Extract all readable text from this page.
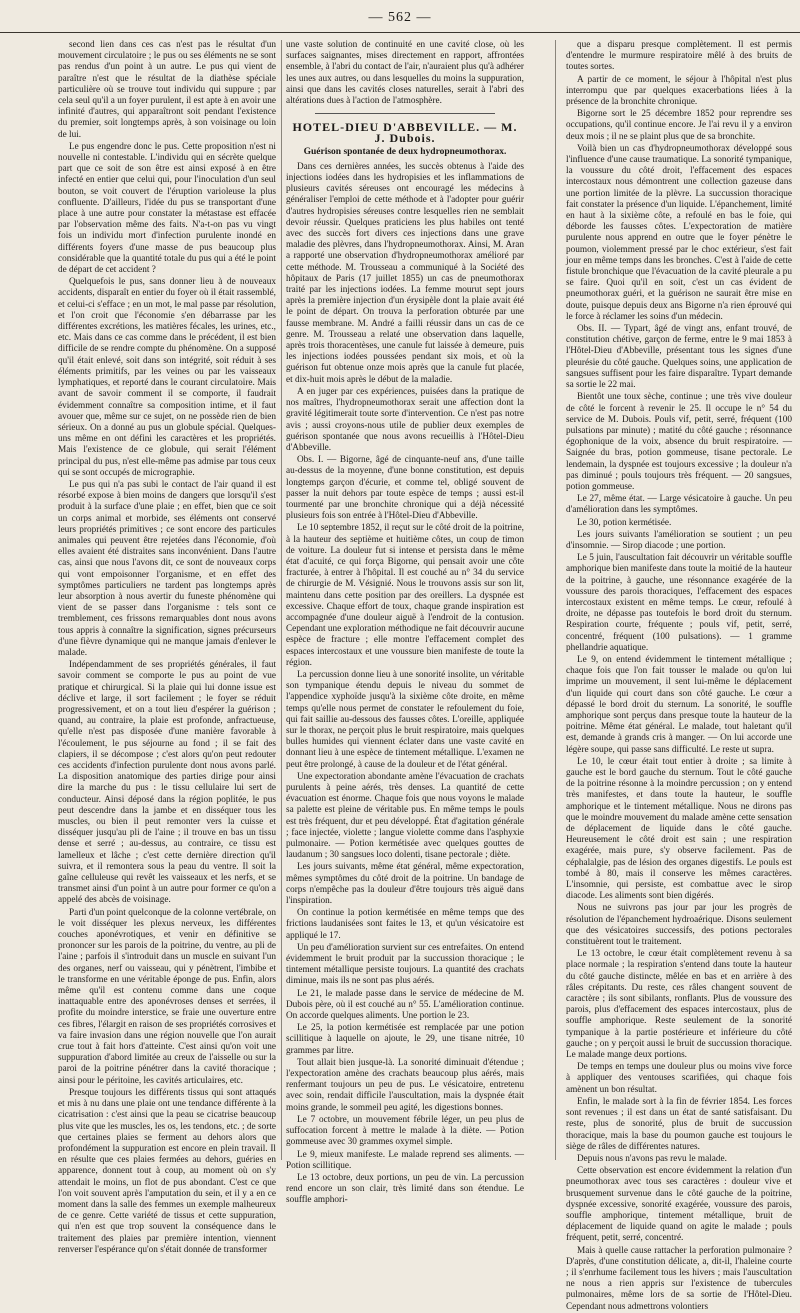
— 562 —

second lien dans ces cas n'est pas le résultat d'un mouvement circulatoire ; le pus ou ses éléments ne se sont pas rendus d'un point à un autre. Le pus qui vient de paraître n'est que le résultat de la diathèse spéciale particulière où se trouve tout individu qui suppure ; par cela seul qu'il a un foyer purulent, il est apte à en avoir une infinité d'autres, qui apparaîtront soit pendant l'existence du premier, soit longtemps après, à son voisinage ou loin de lui.

Le pus engendre donc le pus. Cette proposition n'est ni nouvelle ni contestable. L'individu qui en sécrète quelque part que ce soit de son être est ainsi exposé à en être infecté en entier que celui qui, pour l'inoculation d'un seul bouton, se voit couvert de l'éruption varioleuse la plus confluente. D'ailleurs, l'idée du pus se transportant d'une place à une autre pour constater la métastase est effacée par l'observation même des faits. N'a-t-on pas vu vingt fois un individu mort d'infection purulente inondé en différents foyers d'une masse de pus beaucoup plus considérable que la quantité totale du pus qui a été le point de départ de cet accident ?

Quelquefois le pus, sans donner lieu à de nouveaux accidents, disparaît en entier du foyer où il était rassemblé, et celui-ci s'efface ; en un mot, le mal passe par résolution, et l'on croit que l'économie s'en débarrasse par les différentes excrétions, les matières fécales, les urines, etc., etc. Mais dans ce cas comme dans le précédent, il est bien difficile de se rendre compte du phénomène. On a supposé qu'il était enlevé, soit dans son intégrité, soit réduit à ses éléments primitifs, par les veines ou par les vaisseaux lymphatiques, et reporté dans le courant circulatoire. Mais avant de savoir comment il se comporte, il faudrait évidemment connaître sa composition intime, et il faut avouer que, même sur ce sujet, on ne possède rien de bien sérieux. On a donné au pus un globule spécial. Quelques-uns même en ont défini les caractères et les propriétés. Mais l'existence de ce globule, qui serait l'élément principal du pus, n'est elle-même pas admise par tous ceux qui se sont occupés de micrographie.

Le pus qui n'a pas subi le contact de l'air quand il est résorbé expose à bien moins de dangers que lorsqu'il s'est produit à la surface d'une plaie ; en effet, bien que ce soit un corps animal et morbide, ses éléments ont conservé leurs propriétés primitives ; ce sont encore des particules animales qui peuvent être rejetées dans l'économie, d'où elles avaient été distraites sans inconvénient. Dans l'autre cas, ainsi que nous l'avons dit, ce sont de nouveaux corps qui vont empoisonner l'organisme, et en effet des symptômes particuliers ne tardent pas longtemps après leur absorption à nous avertir du funeste phénomène qui vient de se passer dans l'organisme : tels sont ce tremblement, ces frissons remarquables dont nous avons tous appris à connaître la signification, signes précurseurs d'une fièvre dynamique qui ne manque jamais d'enlever le malade.

Indépendamment de ses propriétés générales, il faut savoir comment se comporte le pus au point de vue pratique et chirurgical. Si la plaie qui lui donne issue est déclive et large, il sort facilement ; le foyer se réduit progressivement, et on a tout lieu d'espérer la guérison ; quand, au contraire, la plaie est profonde, anfractueuse, qu'elle n'est pas disposée d'une manière favorable à l'écoulement, le pus séjourne au fond ; il se fait des clapiers, il se décompose ; c'est alors qu'on peut redouter ces accidents d'infection purulente dont nous avons parlé. La disposition anatomique des parties dirige pour ainsi dire la marche du pus : le tissu cellulaire lui sert de conducteur. Ainsi déposé dans la région poplitée, le pus peut descendre dans la jambe et en disséquer tous les muscles, ou bien il peut remonter vers la cuisse et disséquer jusqu'au pli de l'aine ; il trouve en bas un tissu dense et serré ; au-dessus, au contraire, ce tissu est lamelleux et lâche ; c'est cette dernière direction qu'il suivra, et il remontera sous la peau du ventre. Il soit la gaîne celluleuse qui revêt les vaisseaux et les nerfs, et se transmet ainsi d'un point à un autre pour former ce qu'on a appelé des abcès de voisinage.

Parti d'un point quelconque de la colonne vertébrale, on le voit disséquer les plexus nerveux, les différentes couches aponévrotiques, et venir en définitive se prononcer sur les parois de la poitrine, du ventre, au pli de l'aine ; parfois il s'introduit dans un muscle en suivant l'un des organes, nerf ou vaisseau, qui y pénètrent, l'imbibe et le transforme en une véritable éponge de pus. Enfin, alors même qu'il est contenu comme dans une coque inattaquable entre des aponévroses denses et serrées, il profite du moindre interstice, se fraie une ouverture entre ces fibres, l'élargit en raison de ses propriétés corrosives et va faire invasion dans une région nouvelle que l'on aurait crue tout à fait hors d'atteinte. C'est ainsi qu'on voit une suppuration d'abord limitée au creux de l'aisselle ou sur la paroi de la poitrine pénétrer dans la cavité thoracique ; ainsi pour le péritoine, les cavités articulaires, etc.

Presque toujours les différents tissus qui sont attaqués et mis à nu dans une plaie ont une tendance différente à la cicatrisation : c'est ainsi que la peau se cicatrise beaucoup plus vite que les muscles, les os, les tendons, etc. ; de sorte que certaines plaies se ferment au dehors alors que profondément la suppuration est encore en plein travail. Il en résulte que ces plaies fermées au dehors, guéries en apparence, donnent tout à coup, au moment où on s'y attendait le moins, un flot de pus abondant. C'est ce que l'on voit souvent après l'amputation du sein, et il y a en ce moment dans la salle des femmes un exemple malheureux de ce genre. Cette variété de tissus et cette suppuration, qui n'en est que trop souvent la conséquence dans le traitement des plaies par première intention, viennent renverser l'espérance qu'on s'était donnée de transformer

une vaste solution de continuité en une cavité close, où les surfaces saignantes, mises directement en rapport, affrontées ensemble, à l'abri du contact de l'air, n'auraient plus qu'à adhérer les unes aux autres, ou dans lesquelles du moins la suppuration, ainsi que dans les cavités closes naturelles, serait à l'abri des altérations dues à l'action de l'atmosphère.

HOTEL-DIEU D'ABBEVILLE. — M. J. Dubois.
Guérison spontanée de deux hydropneumothorax.

Dans ces dernières années, les succès obtenus à l'aide des injections iodées dans les hydropisies et les inflammations de plusieurs cavités séreuses ont encouragé les médecins à généraliser l'emploi de cette méthode et à l'adopter pour guérir d'autres hydropisies séreuses contre lesquelles rien ne semblait devoir réussir. Quelques praticiens les plus habiles ont tenté avec des succès fort divers ces injections dans une grave maladie des plèvres, dans l'hydropneumothorax. Ainsi, M. Aran a rapporté une observation d'hydropneumothorax amélioré par cette méthode. M. Trousseau a communiqué à la Société des hôpitaux de Paris (17 juillet 1855) un cas de pneumothorax traité par les injections iodées. La femme mourut sept jours après la première injection d'un érysipèle dont la plaie avait été le point de départ. On trouva la perforation obturée par une fausse membrane. M. André a failli réussir dans un cas de ce genre. M. Trousseau a relaté une observation dans laquelle, après trois thoracentèses, une canule fut laissée à demeure, puis les injections iodées poussées pendant six mois, et où la guérison fut obtenue onze mois après que la canule fut placée, et dix-huit mois après le début de la maladie.

A en juger par ces expériences, puisées dans la pratique de nos maîtres, l'hydropneumothorax serait une affection dont la gravité légitimerait toute sorte d'intervention. Ce n'est pas notre avis ; aussi croyons-nous utile de publier deux exemples de guérison spontanée que nous avons recueillis à l'Hôtel-Dieu d'Abbeville.

Obs. I. — Bigorne, âgé de cinquante-neuf ans, d'une taille au-dessus de la moyenne, d'une bonne constitution, est depuis longtemps garçon d'écurie, et comme tel, obligé souvent de passer la nuit dehors par toute espèce de temps ; aussi est-il tourmenté par une bronchite chronique qui a déjà nécessité plusieurs fois son entrée à l'Hôtel-Dieu d'Abbeville.

Le 10 septembre 1852, il reçut sur le côté droit de la poitrine, à la hauteur des septième et huitième côtes, un coup de timon de voiture. La douleur fut si intense et persista dans le même état d'acuité, ce qui força Bigorne, qui pensait avoir une côte fracturée, à entrer à l'hôpital. Il est couché au n° 34 du service de chirurgie de M. Vésignié. Nous le trouvons assis sur son lit, maintenu dans cette position par des oreillers. La dyspnée est excessive. Chaque effort de toux, chaque grande inspiration est accompagnée d'une douleur aiguë à l'endroit de la contusion. Cependant une exploration méthodique ne fait découvrir aucune espèce de fracture ; elle montre l'effacement complet des espaces intercostaux et une voussure bien manifeste de toute la région.

La percussion donne lieu à une sonorité insolite, un véritable son tympanique étendu depuis le niveau du sommet de l'appendice xyphoïde jusqu'à la sixième côte droite, en même temps qu'elle nous permet de constater le refoulement du foie, qui fait saillie au-dessous des fausses côtes. L'oreille, appliquée sur le thorax, ne perçoit plus le bruit respiratoire, mais quelques bulles humides qui viennent éclater dans une vaste cavité en donnant lieu à une espèce de tintement métallique. L'examen ne peut être prolongé, à cause de la douleur et de l'état général.

Une expectoration abondante amène l'évacuation de crachats purulents à peine aérés, très denses. La quantité de cette évacuation est énorme. Chaque fois que nous voyons le malade sa palette est pleine de véritable pus. En même temps le pouls est très fréquent, dur et peu développé. État d'agitation générale ; face injectée, violette ; langue violette comme dans l'asphyxie pulmonaire. — Potion kermétisée avec quelques gouttes de laudanum ; 30 sangsues loco dolenti, tisane pectorale ; diète.

Les jours suivants, même état général, même expectoration, mêmes symptômes du côté droit de la poitrine. Un bandage de corps n'empêche pas la douleur d'être toujours très aiguë dans l'inspiration.

On continue la potion kermétisée en même temps que des frictions laudanisées sont faites le 13, et qu'un vésicatoire est appliqué le 17.

Un peu d'amélioration survient sur ces entrefaites. On entend évidemment le bruit produit par la succussion thoracique ; le tintement métallique persiste toujours. La quantité des crachats diminue, mais ils ne sont pas plus aérés.

Le 21, le malade passe dans le service de médecine de M. Dubois père, où il est couché au n° 55. L'amélioration continue. On accorde quelques aliments. Une portion le 23.

Le 25, la potion kermétisée est remplacée par une potion scillitique à laquelle on ajoute, le 29, une tisane nitrée, 10 grammes par litre.

Tout allait bien jusque-là. La sonorité diminuait d'étendue ; l'expectoration amène des crachats beaucoup plus aérés, mais renfermant toujours un peu de pus. Le vésicatoire, entretenu avec soin, rendait difficile l'auscultation, mais la dyspnée était moins grande, le sommeil peu agité, les digestions bonnes.

Le 7 octobre, un mouvement fébrile léger, un peu plus de suffocation forcent à mettre le malade à la diète. — Potion gommeuse avec 30 grammes oxymel simple.

Le 9, mieux manifeste. Le malade reprend ses aliments. — Potion scillitique.

Le 13 octobre, deux portions, un peu de vin. La percussion rend encore un son clair, très limité dans son étendue. Le souffle amphori-

que a disparu presque complètement. Il est permis d'entendre le murmure respiratoire mêlé à des bruits de toutes sortes.

A partir de ce moment, le séjour à l'hôpital n'est plus interrompu que par quelques exacerbations liées à la présence de la bronchite chronique.

Bigorne sort le 25 décembre 1852 pour reprendre ses occupations, qu'il continue encore. Je l'ai revu il y a environ deux mois ; il ne se plaint plus que de sa bronchite.

Voilà bien un cas d'hydropneumothorax développé sous l'influence d'une cause traumatique. La sonorité tympanique, la voussure du côté droit, l'effacement des espaces intercostaux nous démontrent une collection gazeuse dans une portion limitée de la plèvre. La succussion thoracique fait constater la présence d'un liquide. L'épanchement, limité en haut à la sixième côte, a refoulé en bas le foie, qui déborde les fausses côtes. L'expectoration de matière purulente nous apprend en outre que le foyer pénètre le poumon, violemment pressé par le choc extérieur, s'est fait jour en même temps dans les bronches. C'est à l'aide de cette fistule bronchique que l'évacuation de la cavité pleurale a pu se faire. Quoi qu'il en soit, c'est un cas évident de pneumothorax guéri, et la guérison ne saurait être mise en doute, puisque depuis deux ans Bigorne n'a rien éprouvé qui le force à réclamer les soins d'un médecin.

Obs. II. — Typart, âgé de vingt ans, enfant trouvé, de constitution chétive, garçon de ferme, entre le 9 mai 1853 à l'Hôtel-Dieu d'Abbeville, présentant tous les signes d'une pleurésie du côté gauche. Quelques soins, une application de sangsues suffisent pour les faire disparaître. Typart demande sa sortie le 22 mai.

Bientôt une toux sèche, continue ; une très vive douleur de côté le forcent à revenir le 25. Il occupe le n° 54 du service de M. Dubois. Pouls vif, petit, serré, fréquent (100 pulsations par minute) ; matité du côté gauche ; résonnance égophonique de la voix, absence du bruit respiratoire. — Saignée du bras, potion gommeuse, tisane pectorale. Le lendemain, la dyspnée est toujours excessive ; la douleur n'a pas diminué ; pouls toujours très fréquent. — 20 sangsues, potion gommeuse.

Le 27, même état. — Large vésicatoire à gauche. Un peu d'amélioration dans les symptômes.

Le 30, potion kermétisée.

Les jours suivants l'amélioration se soutient ; un peu d'insomnie. — Sirop diacode ; une portion.

Le 5 juin, l'auscultation fait découvrir un véritable souffle amphorique bien manifeste dans toute la moitié de la hauteur de la poitrine, à gauche, une résonnance exagérée de la voussure des parois thoraciques, l'effacement des espaces intercostaux existent en même temps. Le cœur, refoulé à droite, ne dépasse pas toutefois le bord droit du sternum. Respiration courte, fréquente ; pouls vif, petit, serré, concentré, fréquent (100 pulsations). — 1 gramme phellandrie aquatique.

Le 9, on entend évidemment le tintement métallique ; chaque fois que l'on fait tousser le malade ou qu'on lui imprime un mouvement, il sent lui-même le déplacement d'un liquide qui court dans son côté gauche. Le cœur a dépassé le bord droit du sternum. La sonorité, le souffle amphorique sont perçus dans presque toute la hauteur de la poitrine. Même état général. Le malade, tout haletant qu'il est, demande à grands cris à manger. — On lui accorde une légère soupe, qui passe sans difficulté. Le reste ut supra.

Le 10, le cœur était tout entier à droite ; sa limite à gauche est le bord gauche du sternum. Tout le côté gauche de la poitrine résonne à la moindre percussion ; on y entend très manifestes, et dans toute la hauteur, le souffle amphorique et le tintement métallique. Nous ne dirons pas que le moindre mouvement du malade amène cette sensation de déplacement de liquide dans le côté gauche. Heureusement le côté droit est sain ; une respiration exagérée, mais pure, s'y observe facilement. Pas de céphalalgie, pas de lésion des organes digestifs. Le pouls est tombé à 80, mais il conserve les mêmes caractères. L'insomnie, qui persiste, est combattue avec le sirop diacode. Les aliments sont bien digérés.

Nous ne suivrons pas jour par jour les progrès de résolution de l'épanchement hydroaérique. Disons seulement que des vésicatoires successifs, des potions pectorales constituèrent tout le traitement.

Le 13 octobre, le cœur était complètement revenu à sa place normale ; la respiration s'entend dans toute la hauteur du côté gauche distincte, mêlée en bas et en arrière à des râles crépitants. Du reste, ces râles changent souvent de caractère ; ils sont sibilants, ronflants. Plus de voussure des parois, plus d'effacement des espaces intercostaux, plus de souffle amphorique. Reste seulement de la sonorité tympanique à la partie postérieure et inférieure du côté gauche ; on y perçoit aussi le bruit de succussion thoracique. Le malade mange deux portions.

De temps en temps une douleur plus ou moins vive force à appliquer des ventouses scarifiées, qui chaque fois amènent un bon résultat.

Enfin, le malade sort à la fin de février 1854. Les forces sont revenues ; il est dans un état de santé satisfaisant. Du reste, plus de sonorité, plus de bruit de succussion thoracique, mais la base du poumon gauche est toujours le siège de râles de différentes natures.

Depuis nous n'avons pas revu le malade.

Cette observation est encore évidemment la relation d'un pneumothorax avec tous ses caractères : douleur vive et brusquement survenue dans le côté gauche de la poitrine, dyspnée excessive, sonorité exagérée, voussure des parois, souffle amphorique, tintement métallique, bruit de déplacement de liquide quand on agite le malade ; pouls fréquent, petit, serré, concentré.

Mais à quelle cause rattacher la perforation pulmonaire ? D'après, d'une constitution délicate, a, dit-il, l'haleine courte ; il s'enrhume facilement tous les hivers ; mais l'auscultation ne nous a rien appris sur l'existence de tubercules pulmonaires, même lors de sa sortie de l'Hôtel-Dieu. Cependant nous admettrons volontiers
